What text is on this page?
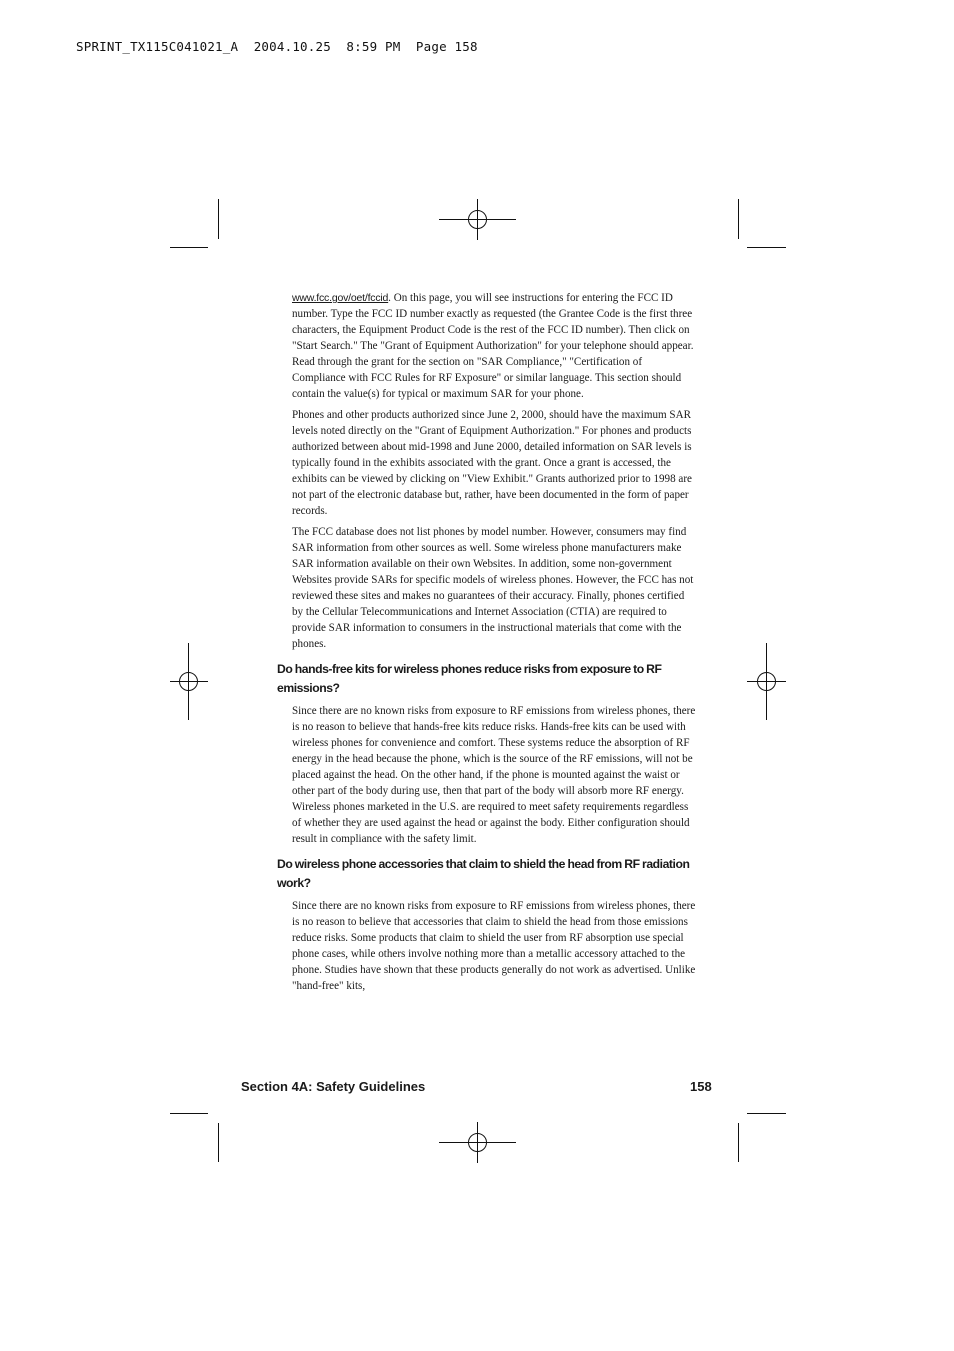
SPRINT_TX115C041021_A  2004.10.25  8:59 PM  Page 158

www.fcc.gov/oet/fccid. On this page, you will see instructions for entering the FCC ID number. Type the FCC ID number exactly as requested (the Grantee Code is the first three characters, the Equipment Product Code is the rest of the FCC ID number). Then click on "Start Search." The "Grant of Equipment Authorization" for your telephone should appear. Read through the grant for the section on "SAR Compliance," "Certification of Compliance with FCC Rules for RF Exposure" or similar language. This section should contain the value(s) for typical or maximum SAR for your phone.

Phones and other products authorized since June 2, 2000, should have the maximum SAR levels noted directly on the "Grant of Equipment Authorization." For phones and products authorized between about mid-1998 and June 2000, detailed information on SAR levels is typically found in the exhibits associated with the grant. Once a grant is accessed, the exhibits can be viewed by clicking on "View Exhibit." Grants authorized prior to 1998 are not part of the electronic database but, rather, have been documented in the form of paper records.

The FCC database does not list phones by model number. However, consumers may find SAR information from other sources as well. Some wireless phone manufacturers make SAR information available on their own Websites. In addition, some non-government Websites provide SARs for specific models of wireless phones. However, the FCC has not reviewed these sites and makes no guarantees of their accuracy. Finally, phones certified by the Cellular Telecommunications and Internet Association (CTIA) are required to provide SAR information to consumers in the instructional materials that come with the phones.

Do hands-free kits for wireless phones reduce risks from exposure to RF emissions?

Since there are no known risks from exposure to RF emissions from wireless phones, there is no reason to believe that hands-free kits reduce risks. Hands-free kits can be used with wireless phones for convenience and comfort. These systems reduce the absorption of RF energy in the head because the phone, which is the source of the RF emissions, will not be placed against the head. On the other hand, if the phone is mounted against the waist or other part of the body during use, then that part of the body will absorb more RF energy. Wireless phones marketed in the U.S. are required to meet safety requirements regardless of whether they are used against the head or against the body. Either configuration should result in compliance with the safety limit.

Do wireless phone accessories that claim to shield the head from RF radiation work?

Since there are no known risks from exposure to RF emissions from wireless phones, there is no reason to believe that accessories that claim to shield the head from those emissions reduce risks. Some products that claim to shield the user from RF absorption use special phone cases, while others involve nothing more than a metallic accessory attached to the phone. Studies have shown that these products generally do not work as advertised. Unlike "hand-free" kits,

Section 4A: Safety Guidelines	158
